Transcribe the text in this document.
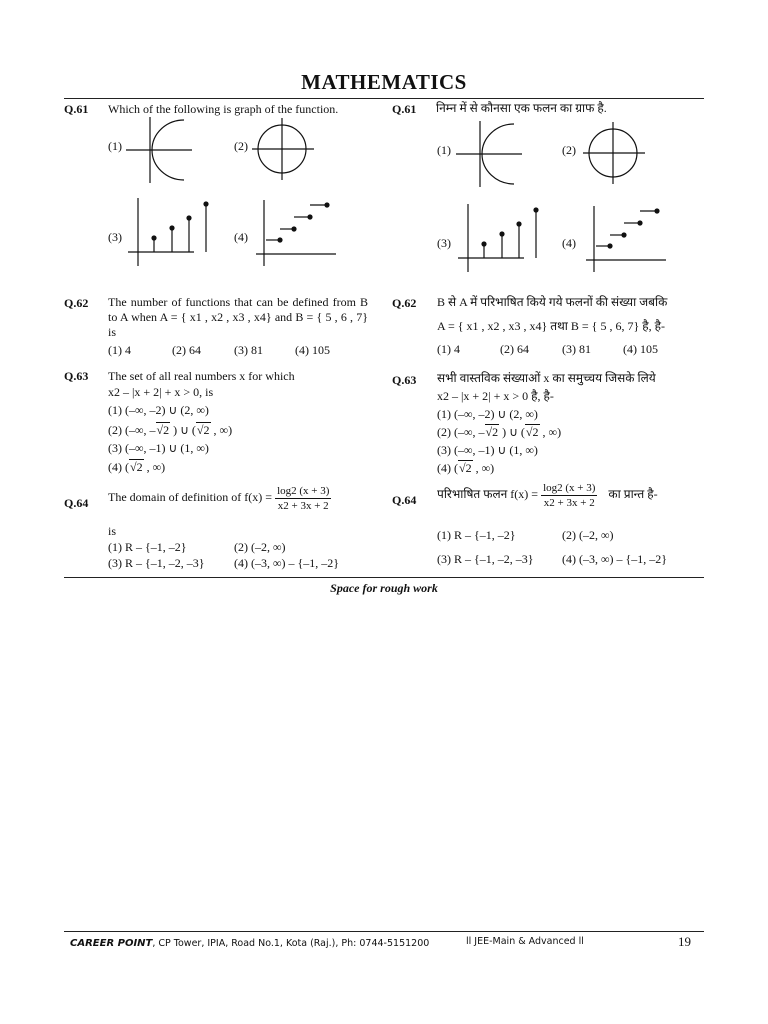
MATHEMATICS
Q.61 Which of the following is graph of the function.
(1)	(2)
(3)	(4)
Q.61 निम्न में से कौनसा एक फलन का ग्राफ है.
(1)	(2)
(3)	(4)
Q.62 The number of functions that can be defined from B to A when A = { x1 , x2 , x3 , x4} and B = { 5 , 6 , 7} is
(1) 4	(2) 64	(3) 81	(4) 105
Q.62 B से A में परिभाषित किये गये फलनों की संख्या जबकि
A = { x1 , x2 , x3 , x4} तथा B = { 5 , 6, 7} है, है-
(1) 4	(2) 64	(3) 81	(4) 105
Q.63 The set of all real numbers x for which
x2 – |x + 2| + x > 0, is
(1) (–∞, –2) ∪ (2, ∞)
(2) (–∞, –√2 ) ∪ (√2 , ∞)
(3) (–∞, –1) ∪ (1, ∞)
(4) (√2 , ∞)
Q.63 सभी वास्तविक संख्याओं x का समुच्चय जिसके लिये
x2 – |x + 2| + x > 0 है, है-
(1) (–∞, –2) ∪ (2, ∞)
(2) (–∞, –√2 ) ∪ (√2 , ∞)
(3) (–∞, –1) ∪ (1, ∞)
(4) (√2 , ∞)
Q.64 The domain of definition of $f(x) = \frac{\log 2 (x + 3)}{x2 + 3x + 2}$
is
(1) R – {–1, –2}	(2) (–2, ∞)
(3) R – {–1, –2, –3} (4) (–3, ∞) – {–1, –2}
Q.64 परिभाषित फलन $f(x) = \frac{\log 2 (x + 3)}{x2 + 3x + 2}$ का प्रान्त है-
(1) R – {–1, –2}	(2) (–2, ∞)
(3) R – {–1, –2, –3} (4) (–3, ∞) – {–1, –2}
Space for rough work
CAREER POINT, CP Tower, IPIA, Road No.1, Kota (Raj.), Ph: 0744-5151200	ll JEE-Main & Advanced ll	19
